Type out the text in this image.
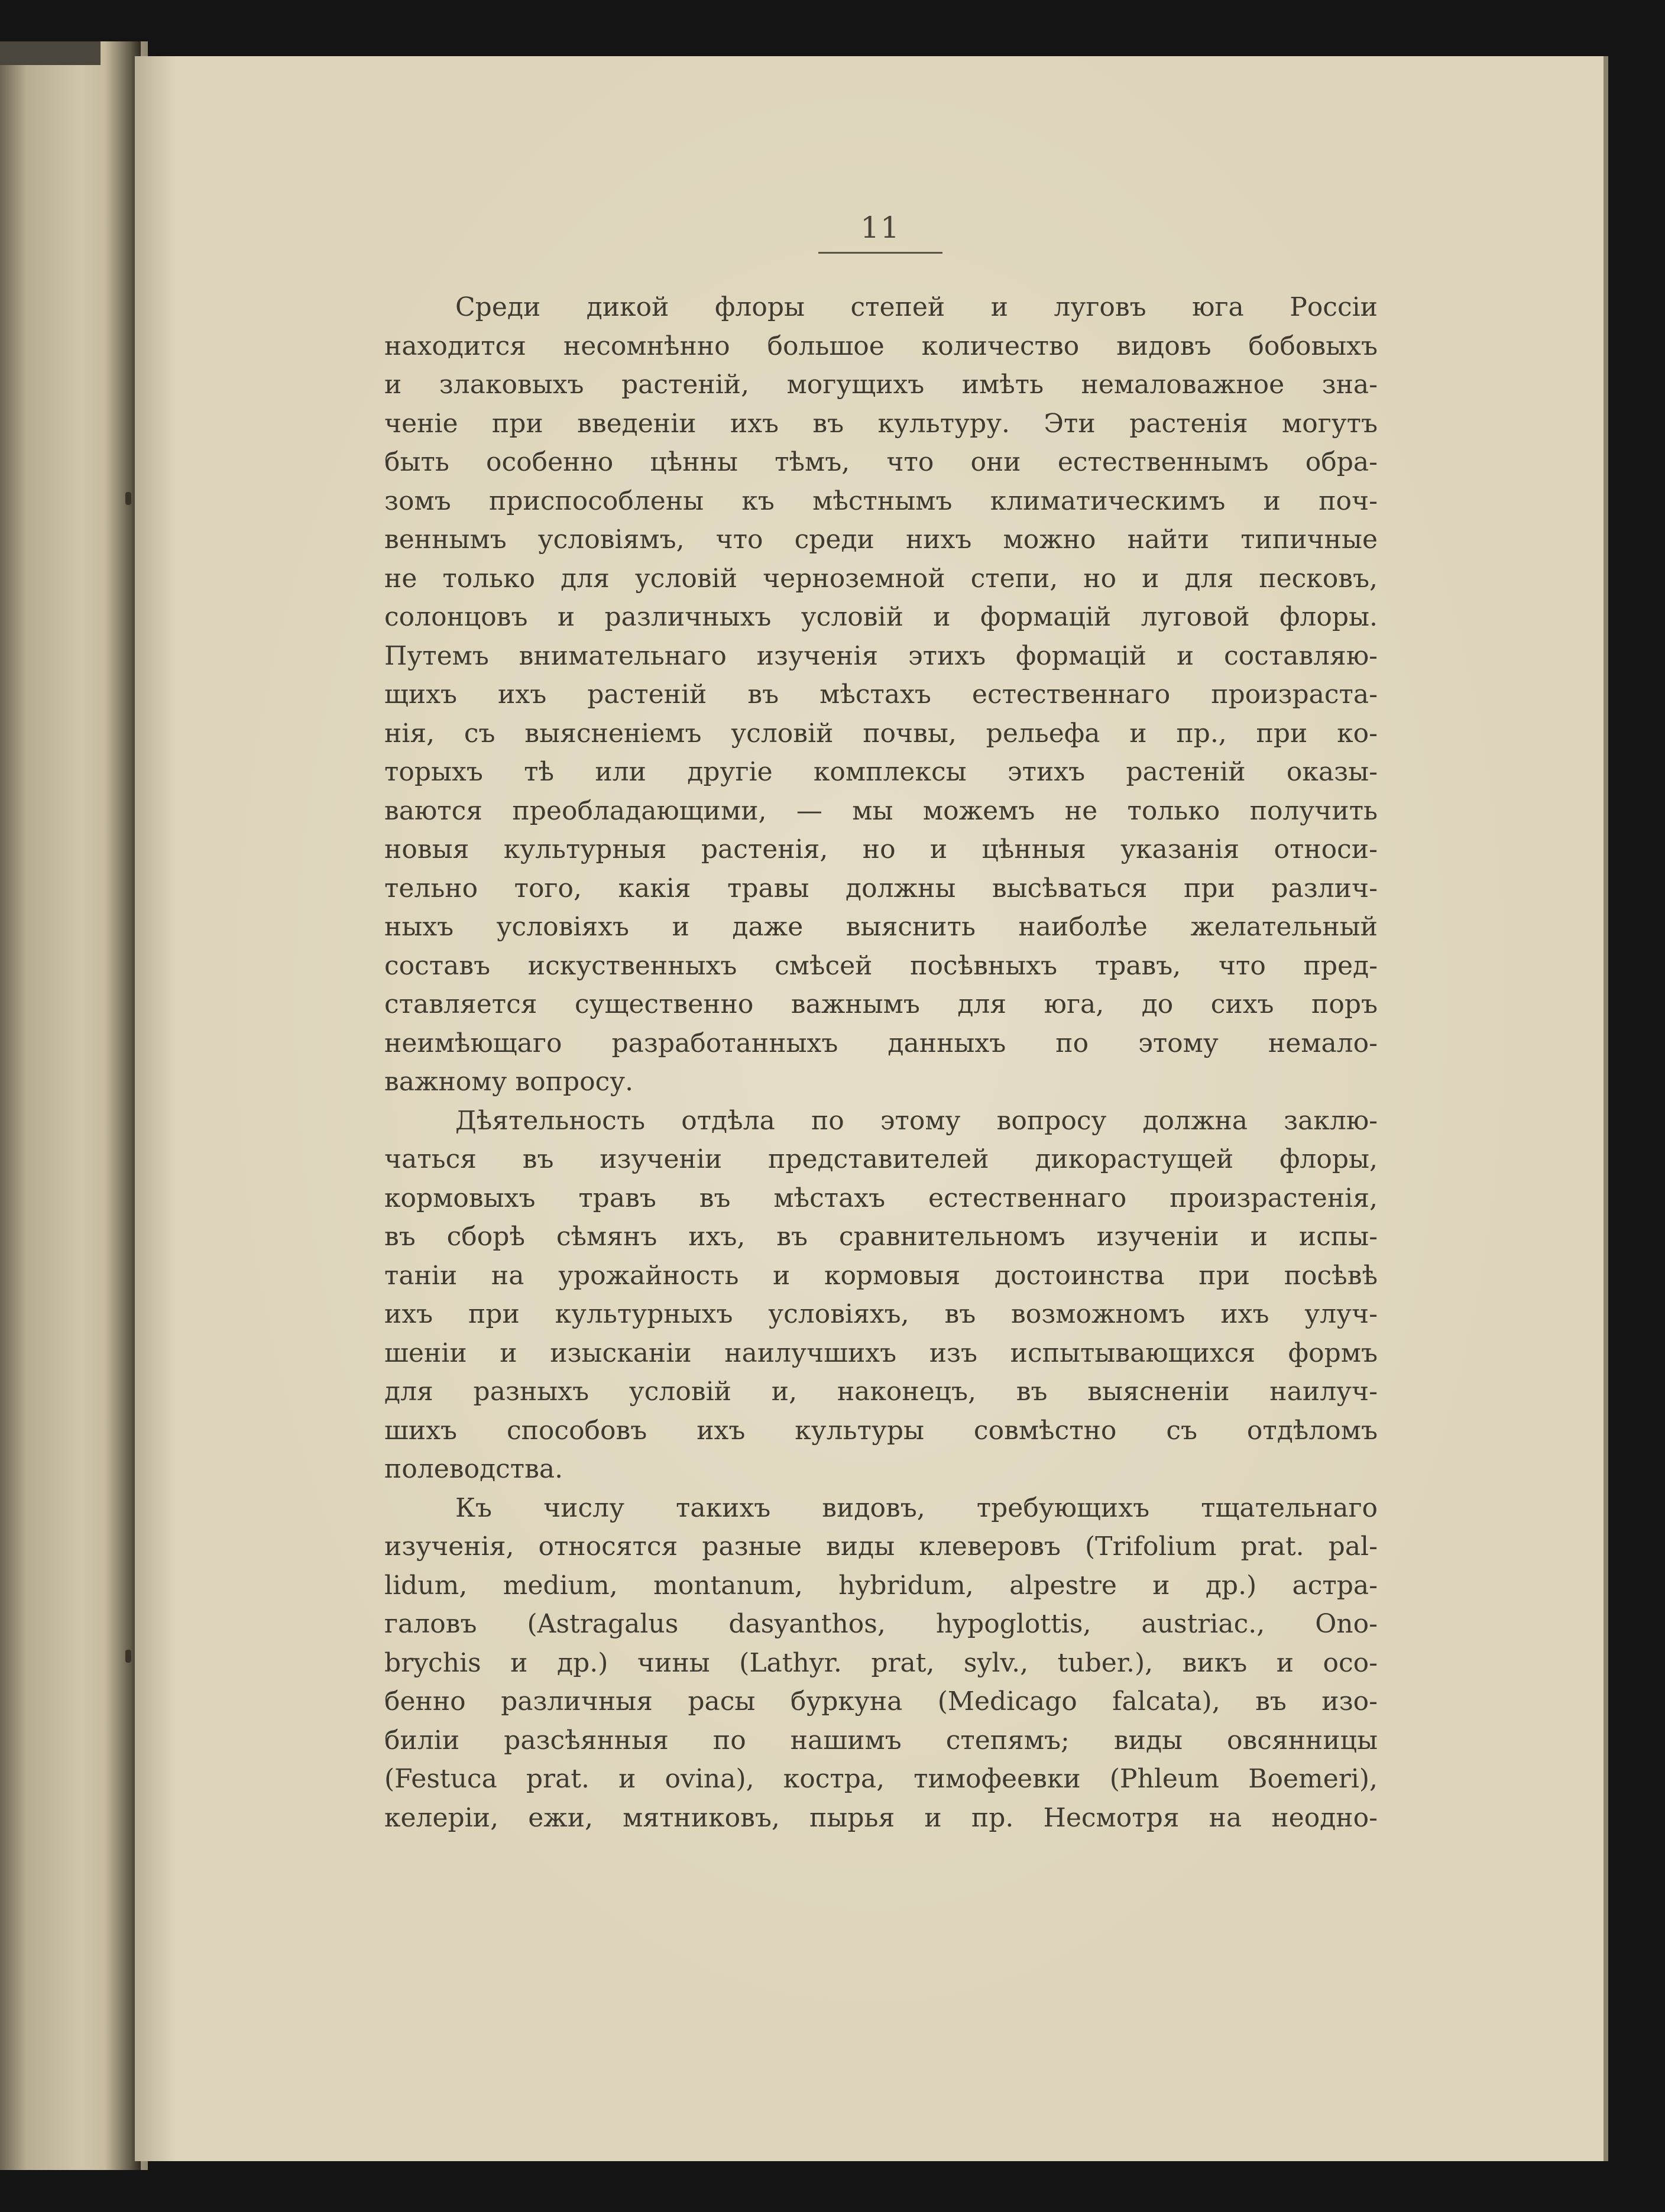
11
Среди дикой флоры степей и луговъ юга Россіи
находится несомнѣнно большое количество видовъ бобовыхъ
и злаковыхъ растеній, могущихъ имѣть немаловажное зна-
ченіе при введеніи ихъ въ культуру. Эти растенія могутъ
быть особенно цѣнны тѣмъ, что они естественнымъ обра-
зомъ приспособлены къ мѣстнымъ климатическимъ и поч-
веннымъ условіямъ, что среди нихъ можно найти типичные
не только для условій черноземной степи, но и для песковъ,
солонцовъ и различныхъ условій и формацій луговой флоры.
Путемъ внимательнаго изученія этихъ формацій и составляю-
щихъ ихъ растеній въ мѣстахъ естественнаго произраста-
нія, съ выясненіемъ условій почвы, рельефа и пр., при ко-
торыхъ тѣ или другіе комплексы этихъ растеній оказы-
ваются преобладающими, — мы можемъ не только получить
новыя культурныя растенія, но и цѣнныя указанія относи-
тельно того, какія травы должны высѣваться при различ-
ныхъ условіяхъ и даже выяснить наиболѣе желательный
составъ искуственныхъ смѣсей посѣвныхъ травъ, что пред-
ставляется существенно важнымъ для юга, до сихъ поръ
неимѣющаго разработанныхъ данныхъ по этому немало-
важному вопросу.
Дѣятельность отдѣла по этому вопросу должна заклю-
чаться въ изученіи представителей дикорастущей флоры,
кормовыхъ травъ въ мѣстахъ естественнаго произрастенія,
въ сборѣ сѣмянъ ихъ, въ сравнительномъ изученіи и испы-
таніи на урожайность и кормовыя достоинства при посѣвѣ
ихъ при культурныхъ условіяхъ, въ возможномъ ихъ улуч-
шеніи и изысканіи наилучшихъ изъ испытывающихся формъ
для разныхъ условій и, наконецъ, въ выясненіи наилуч-
шихъ способовъ ихъ культуры совмѣстно съ отдѣломъ
полеводства.
Къ числу такихъ видовъ, требующихъ тщательнаго
изученія, относятся разные виды клеверовъ (Trifolium prat. pal-
lidum, medium, montanum, hybridum, alpestre и др.) астра-
галовъ (Astragalus dasyanthos, hypoglottis, austriac., Ono-
brychis и др.) чины (Lathyr. prat, sylv., tuber.), викъ и осо-
бенно различныя расы буркуна (Medicago falcata), въ изо-
биліи разсѣянныя по нашимъ степямъ; виды овсянницы
(Festuca prat. и ovina), костра, тимофеевки (Phleum Boemeri),
келеріи, ежи, мятниковъ, пырья и пр. Несмотря на неодно-
